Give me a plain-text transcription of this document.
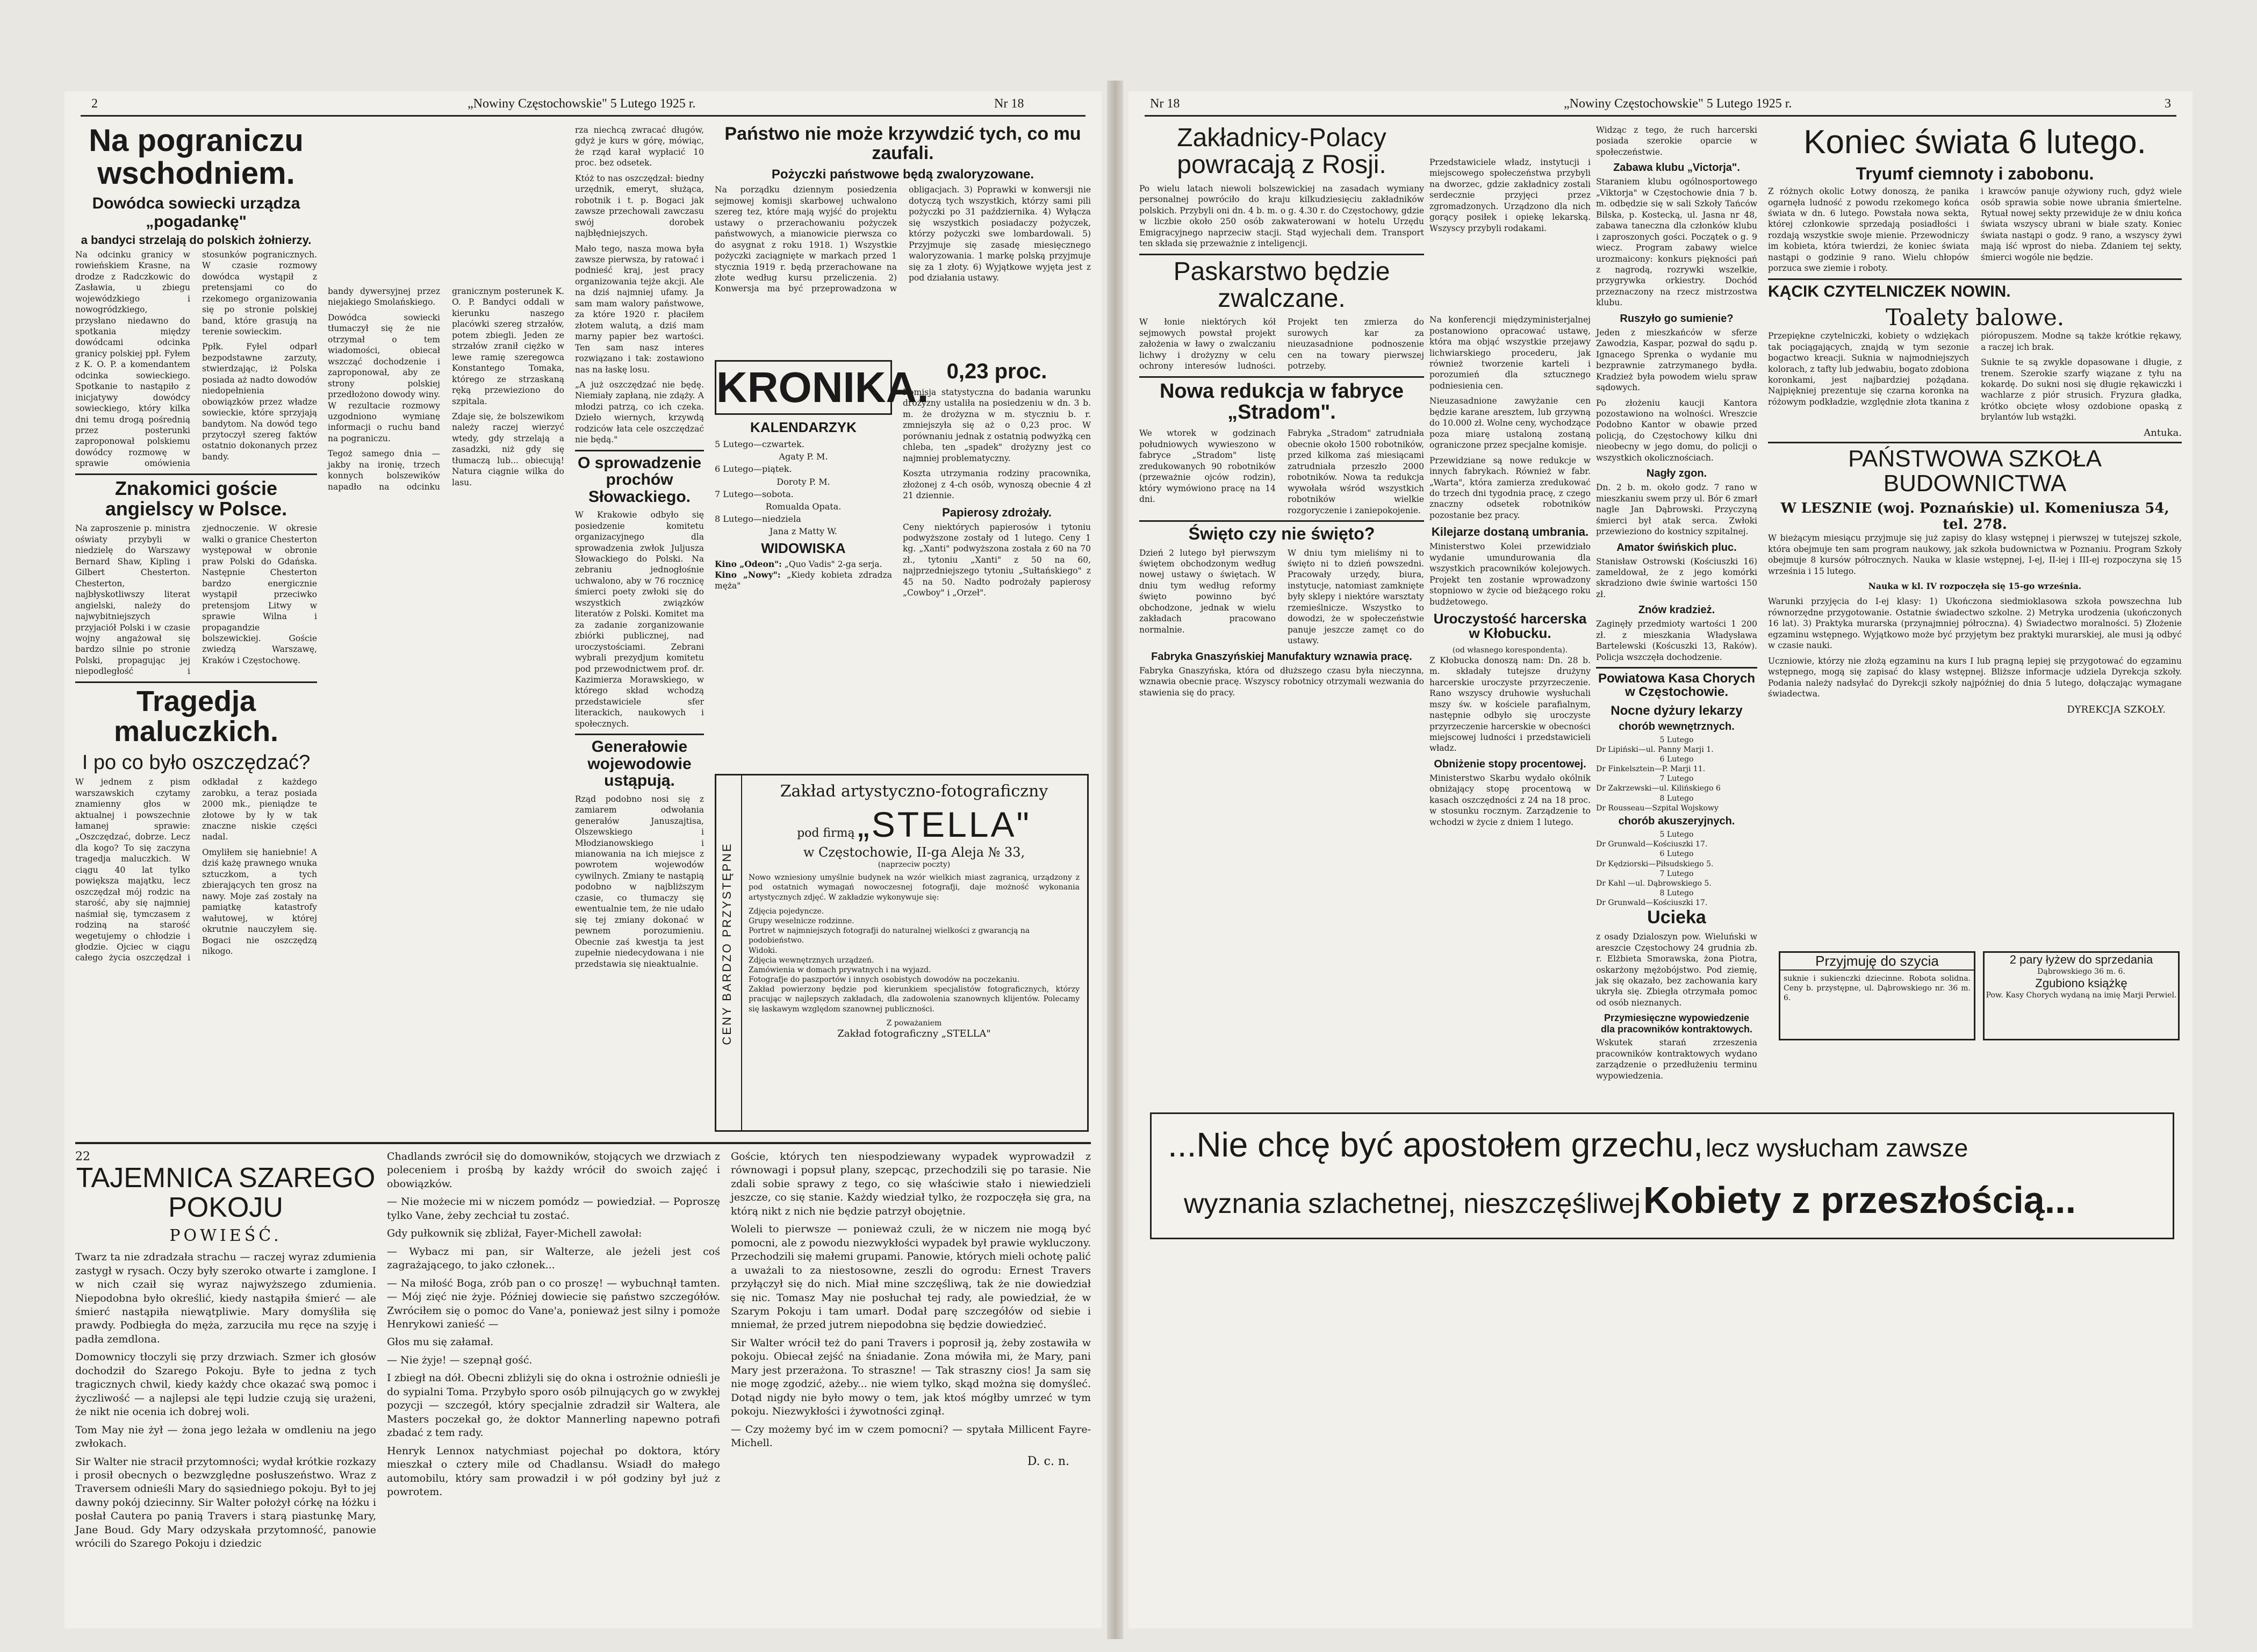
2	„Nowiny Częstochowskie" 5 Lutego 1925 r.	Nr 18
Na pograniczu wschodniem.
Dowódca sowiecki urządza „pogadankę"
a bandyci strzelają do polskich żołnierzy.

Na odcinku granicy w rowieńskiem Krasne, na drodze z Radczkowic do Zasławia, u zbiegu wojewódzkiego i nowogródzkiego, przysłano niedawno do spotkania między dowódcami odcinka granicy polskiej ppł. Fyłem z K. O. P. a komendantem odcinka sowieckiego. Spotkanie to nastąpiło z inicjatywy dowódcy sowieckiego, który kilka dni temu drogą pośrednią przez posterunki zaproponował polskiemu dowódcy rozmowę w sprawie omówienia stosunków pogranicznych. W czasie rozmowy dowódca wystąpił z pretensjami co do rzekomego organizowania się po stronie polskiej band, które grasują na terenie sowieckim.

Ppłk. Fyłel odparł bezpodstawne zarzuty, stwierdzając, iż Polska posiada aż nadto dowodów niedopełnienia obowiązków przez władze sowieckie, które sprzyjają bandytom. Na dowód tego przytoczył szereg faktów ostatnio dokonanych przez bandy.

Znakomici goście angielscy w Polsce.

Na zaproszenie p. ministra oświaty przybyli w niedzielę do Warszawy Bernard Shaw, Kipling i Gilbert Chesterton. Chesterton, najbłyskotliwszy literat angielski, należy do najwybitniejszych przyjaciół Polski i w czasie wojny angażował się bardzo silnie po stronie Polski, propagując jej niepodległość i zjednoczenie. W okresie walki o granice Chesterton występował w obronie praw Polski do Gdańska. Następnie Chesterton bardzo energicznie wystąpił przeciwko pretensjom Litwy w sprawie Wilna i propagandzie bolszewickiej. Goście zwiedzą Warszawę, Kraków i Częstochowę.

Tragedja maluczkich.
I po co było oszczędzać?

W jednem z pism warszawskich czytamy znamienny głos w aktualnej i powszechnie łamanej sprawie: „Oszczędzać, dobrze. Lecz dla kogo? To się zaczyna tragedja maluczkich. W ciągu 40 lat tylko powiększa majątku, lecz oszczędzał mój rodzic na starość, aby się najmniej naśmiał się, tymczasem z rodziną na starość wegetujemy o chłodzie i głodzie. Ojciec w ciągu całego życia oszczędzał i odkładał z każdego zarobku, a teraz posiada 2000 mk., pieniądze te złotowe by ły w tak znaczne niskie części nadal.

Omyliłem się haniebnie! A dziś każę prawnego wnuka sztuczkom, a tych zbierających ten grosz na nawy. Moje zaś zostały na pamiątkę katastrofy wałutowej, w której okrutnie nauczyłem się. Bogaci nie oszczędzą nikogo.

bandy dywersyjnej przez niejakiego Smolańskiego.

Dowódca sowiecki tłumaczył się że nie otrzymał o tem wiadomości, obiecał wszcząć dochodzenie i zaproponował, aby ze strony polskiej przedłożono dowody winy. W rezultacie rozmowy uzgodniono wymianę informacji o ruchu band na pograniczu.

Tegoż samego dnia — jakby na ironię, trzech konnych bolszewików napadło na odcinku granicznym posterunek K. O. P. Bandyci oddali w kierunku naszego placówki szereg strzałów, potem zbiegli. Jeden ze strzałów zranił ciężko w lewe ramię szeregowca Konstantego Tomaka, którego ze strzaskaną ręką przewieziono do szpitala.

Zdaje się, że bolszewikom należy raczej wierzyć wtedy, gdy strzelają a zasadzki, niż gdy się tłumaczą lub... obiecują! Natura ciągnie wilka do lasu.

rza niechcą zwracać długów, gdyż je kurs w górę, mówiąc, że rząd karał wypłacić 10 proc. bez odsetek.

Któż to nas oszczędzał: biedny urzędnik, emeryt, służąca, robotnik i t. p. Bogaci jak zawsze przechowali zawczasu swój dorobek najbłędniejszych.

Mało tego, nasza mowa była zawsze pierwsza, by ratować i podnieść kraj, jest pracy organizowania tejże akcji. Ale na dziś najmniej ufamy. Ja sam mam walory państwowe, za które 1920 r. płaciłem złotem walutą, a dziś mam marny papier bez wartości. Ten sam nasz interes rozwiązano i tak: zostawiono nas na łaskę losu.

„A już oszczędzać nie będę. Niemiały zapłaną, nie zdąży. A młodzi patrzą, co ich czeka. Dzieło wiernych, krzywdą rodziców łata cele oszczędzać nie będą."

O sprowadzenie prochów Słowackiego.

W Krakowie odbyło się posiedzenie komitetu organizacyjnego dla sprowadzenia zwłok Juljusza Słowackiego do Polski. Na zebraniu jednogłośnie uchwalono, aby w 76 rocznicę śmierci poety zwłoki się do wszystkich związków literatów z Polski. Komitet ma za zadanie zorganizowanie zbiórki publicznej, nad uroczystościami. Zebrani wybrali prezydjum komitetu pod przewodnictwem prof. dr. Kazimierza Morawskiego, w którego skład wchodzą przedstawiciele sfer literackich, naukowych i społecznych.

Generałowie wojewodowie ustąpują.

Rząd podobno nosi się z zamiarem odwołania generałów Januszajtisa, Olszewskiego i Młodzianowskiego i mianowania na ich miejsce z powrotem wojewodów cywilnych. Zmiany te nastąpią podobno w najbliższym czasie, co tłumaczy się ewentualnie tem, że nie udało się tej zmiany dokonać w pewnem porozumieniu. Obecnie zaś kwestja ta jest zupełnie niedecydowana i nie przedstawia się nieaktualnie.

Państwo nie może krzywdzić tych, co mu zaufali.
Pożyczki państwowe będą zwaloryzowane.

Na porządku dziennym posiedzenia sejmowej komisji skarbowej uchwalono szereg tez, które mają wyjść do projektu ustawy o przerachowaniu pożyczek państwowych, a mianowicie pierwsza co do asygnat z roku 1918. 1) Wszystkie pożyczki zaciągnięte w markach przed 1 stycznia 1919 r. będą przerachowane na złote według kursu przeliczenia. 2) Konwersja ma być przeprowadzona w obligacjach. 3) Poprawki w konwersji nie dotyczą tych wszystkich, którzy sami pili pożyczki po 31 października. 4) Wyłącza się wszystkich posiadaczy pożyczek, którzy pożyczki swe lombardowali. 5) Przyjmuje się zasadę miesięcznego waloryzowania. 1 markę polską przyjmuje się za 1 złoty. 6) Wyjątkowe wyjęta jest z pod działania ustawy.

KRONIKA.
KALENDARZYK
5 Lutego—czwartek.
Agaty P. M.
6 Lutego—piątek.
Doroty P. M.
7 Lutego—sobota.
Romualda Opata.
8 Lutego—niedziela
Jana z Matty W.
WIDOWISKA
Kino „Odeon": „Quo Vadis" 2-ga serja.
Kino „Nowy": „Kiedy kobieta zdradza męża"
0,23 proc.

Komisja statystyczna do badania warunku drożyzny ustaliła na posiedzeniu w dn. 3 b. m. że drożyzna w m. styczniu b. r. zmniejszyła się aż o 0,23 proc. W porównaniu jednak z ostatnią podwyżką cen chleba, ten „spadek" drożyzny jest co najmniej problematyczny.

Koszta utrzymania rodziny pracownika, złożonej z 4-ch osób, wynoszą obecnie 4 zł 21 dziennie.

Papierosy zdrożały.

Ceny niektórych papierosów i tytoniu podwyższone zostały od 1 lutego. Ceny 1 kg. „Xanti" podwyższona została z 60 na 70 zł., tytoniu „Xanti" z 50 na 60, najprzedniejszego tytoniu „Sułtańskiego" z 45 na 50. Nadto podrożały papierosy „Cowboy" i „Orzeł".

CENY BARDZO PRZYSTĘPNE
Zakład artystyczno-fotograficzny
pod firmą „STELLA"
w Częstochowie, II-ga Aleja № 33,
(naprzeciw poczty)

Nowo wzniesiony umyślnie budynek na wzór wielkich miast zagranicą, urządzony z pod ostatnich wymagań nowoczesnej fotografji, daje możność wykonania artystycznych zdjęć. W zakładzie wykonywuje się:

Zdjęcia pojedyncze.
Grupy weselnicze rodzinne.
Portret w najmniejszych fotografji do naturalnej wielkości z gwarancją na podobieństwo.
Widoki.
Zdjęcia wewnętrznych urządzeń.
Zamówienia w domach prywatnych i na wyjazd.
Fotografje do paszportów i innych osobistych dowodów na poczekaniu.

Zakład powierzony będzie pod kierunkiem specjalistów fotograficznych, którzy pracując w najlepszych zakładach, dla zadowolenia szanownych klijentów. Polecamy się łaskawym względom szanownej publiczności.

Z poważaniem
Zakład fotograficzny „STELLA"
22
TAJEMNICA SZAREGO POKOJU
POWIEŚĆ.

Twarz ta nie zdradzała strachu — raczej wyraz zdumienia zastygł w rysach. Oczy były szeroko otwarte i zamglone. I w nich czaił się wyraz najwyższego zdumienia. Niepodobna było określić, kiedy nastąpiła śmierć — ale śmierć nastąpiła niewątpliwie. Mary domyśliła się prawdy. Podbiegła do męża, zarzuciła mu ręce na szyję i padła zemdlona.

Domownicy tłoczyli się przy drzwiach. Szmer ich głosów dochodził do Szarego Pokoju. Byłe to jedna z tych tragicznych chwil, kiedy każdy chce okazać swą pomoc i życzliwość — a najlepsi ale tępi ludzie czują się urażeni, że nikt nie ocenia ich dobrej woli.

Tom May nie żył — żona jego leżała w omdleniu na jego zwłokach.

Sir Walter nie stracił przytomności; wydał krótkie rozkazy i prosił obecnych o bezwzględne posłuszeństwo. Wraz z Traversem odnieśli Mary do sąsiedniego pokoju. Był to jej dawny pokój dziecinny. Sir Walter położył córkę na łóżku i posłał Cautera po panią Travers i starą piastunkę Mary, Jane Boud. Gdy Mary odzyskała przytomność, panowie wrócili do Szarego Pokoju i dziedzic

Chadlands zwrócił się do domowników, stojących we drzwiach z poleceniem i prośbą by każdy wrócił do swoich zajęć i obowiązków.

— Nie możecie mi w niczem pomódz — powiedział. — Poproszę tylko Vane, żeby zechciał tu zostać.

Gdy pułkownik się zbliżał, Fayer-Michell zawołał:

— Wybacz mi pan, sir Walterze, ale jeżeli jest coś zagrażającego, to jako członek...

— Na miłość Boga, zrób pan o co proszę! — wybuchnął tamten. — Mój zięć nie żyje. Później dowiecie się państwo szczegółów. Zwróciłem się o pomoc do Vane'a, ponieważ jest silny i pomoże Henrykowi zanieść —

Głos mu się załamał.

— Nie żyje! — szepnął gość.

I zbiegł na dół. Obecni zbliżyli się do okna i ostrożnie odnieśli je do sypialni Toma. Przybyło sporo osób pilnujących go w zwykłej pozycji — szczegół, który specjalnie zdradził sir Waltera, ale Masters poczekał go, że doktor Mannerling napewno potrafi zbadać z tem rady.

Henryk Lennox natychmiast pojechał po doktora, który mieszkał o cztery mile od Chadlansu. Wsiadł do małego automobilu, który sam prowadził i w pół godziny był już z powrotem.

Goście, których ten niespodziewany wypadek wyprowadził z równowagi i popsuł plany, szepcąc, przechodzili się po tarasie. Nie zdali sobie sprawy z tego, co się właściwie stało i niewiedzieli jeszcze, co się stanie. Każdy wiedział tylko, że rozpoczęła się gra, na którą nikt z nich nie będzie patrzył obojętnie.

Woleli to pierwsze — ponieważ czuli, że w niczem nie mogą być pomocni, ale z powodu niezwykłości wypadek był prawie wykluczony. Przechodzili się małemi grupami. Panowie, których mieli ochotę palić a uważali to za niestosowne, zeszli do ogrodu: Ernest Travers przyłączył się do nich. Miał mine szczęśliwą, tak że nie dowiedział się nic. Tomasz May nie posłuchał tej rady, ale powiedział, że w Szarym Pokoju i tam umarł. Dodał parę szczegółów od siebie i mniemał, że przed jutrem niepodobna się będzie dowiedzieć.

Sir Walter wrócił też do pani Travers i poprosił ją, żeby zostawiła w pokoju. Obiecał zejść na śniadanie. Zona mówiła mi, że Mary, pani Mary jest przerażona. To straszne! — Tak straszny cios! Ja sam się nie mogę zgodzić, ażeby... nie wiem tylko, skąd można się domyśleć. Dotąd nigdy nie było mowy o tem, jak ktoś mógłby umrzeć w tym pokoju. Niezwykłości i żywotności zginął.

— Czy możemy być im w czem pomocni? — spytała Millicent Fayre-Michell.

D. c. n.
Nr 18	„Nowiny Częstochowskie" 5 Lutego 1925 r.	3
Zakładnicy-Polacy powracają z Rosji.

Po wielu latach niewoli bolszewickiej na zasadach wymiany personalnej powróciło do kraju kilkudziesięciu zakładników polskich. Przybyli oni dn. 4 b. m. o g. 4.30 r. do Częstochowy, gdzie w liczbie około 250 osób zakwaterowani w hotelu Urzędu Emigracyjnego naprzeciw stacji. Stąd wyjechali dem. Transport ten składa się przeważnie z inteligencji.

Paskarstwo będzie zwalczane.

W łonie niektórych kół sejmowych powstał projekt założenia w ławy o zwalczaniu lichwy i drożyzny w celu ochrony interesów ludności. Projekt ten zmierza do surowych kar za nieuzasadnione podnoszenie cen na towary pierwszej potrzeby.

Nowa redukcja w fabryce „Stradom".

We wtorek w godzinach południowych wywieszono w fabryce „Stradom" listę zredukowanych 90 robotników (przeważnie ojców rodzin), który wymówiono pracę na 14 dni.

Fabryka „Stradom" zatrudniała obecnie około 1500 robotników, przed kilkoma zaś miesiącami zatrudniała przeszło 2000 robotników. Nowa ta redukcja wywołała wśród wszystkich robotników wielkie rozgoryczenie i zaniepokojenie.

Święto czy nie święto?

Dzień 2 lutego był pierwszym świętem obchodzonym według nowej ustawy o świętach. W dniu tym według reformy święto powinno być obchodzone, jednak w wielu zakładach pracowano normalnie.

W dniu tym mieliśmy ni to święto ni to dzień powszedni. Pracowały urzędy, biura, instytucje, natomiast zamknięte były sklepy i niektóre warsztaty rzemieślnicze. Wszystko to dowodzi, że w społeczeństwie panuje jeszcze zamęt co do ustawy.

Fabryka Gnaszyńskiej Manufaktury wznawia pracę.

Fabryka Gnaszyńska, która od dłuższego czasu była nieczynna, wznawia obecnie pracę. Wszyscy robotnicy otrzymali wezwania do stawienia się do pracy.

Przedstawiciele władz, instytucji i miejscowego społeczeństwa przybyli na dworzec, gdzie zakładnicy zostali serdecznie przyjęci przez zgromadzonych. Urządzono dla nich gorący posiłek i opiekę lekarską. Wszyscy przybyli rodakami.

Na konferencji międzyministerjalnej postanowiono opracować ustawę, która ma objąć wszystkie przejawy lichwiarskiego procederu, jak również tworzenie karteli i porozumień dla sztucznego podniesienia cen.

Nieuzasadnione zawyżanie cen będzie karane aresztem, lub grzywną do 10.000 zł. Wolne ceny, wychodzące poza miarę ustaloną zostaną ograniczone przez specjalne komisje.

Przewidziane są nowe redukcje w innych fabrykach. Również w fabr. „Warta", która zamierza zredukować do trzech dni tygodnia pracę, z czego znaczny odsetek robotników pozostanie bez pracy.

Kilejarze dostaną umbrania.

Ministerstwo Kolei przewidziało wydanie umundurowania dla wszystkich pracowników kolejowych. Projekt ten zostanie wprowadzony stopniowo w życie od bieżącego roku budżetowego.

Uroczystość harcerska w Kłobucku.
(od własnego korespondenta).

Z Kłobucka donoszą nam: Dn. 28 b. m. składały tutejsze drużyny harcerskie uroczyste przyrzeczenie. Rano wszyscy druhowie wysłuchali mszy św. w kościele parafialnym, następnie odbyło się uroczyste przyrzeczenie harcerskie w obecności miejscowej ludności i przedstawicieli władz.

Obniżenie stopy procentowej.

Ministerstwo Skarbu wydało okólnik obniżający stopę procentową w kasach oszczędności z 24 na 18 proc. w stosunku rocznym. Zarządzenie to wchodzi w życie z dniem 1 lutego.

Widząc z tego, że ruch harcerski posiada szerokie oparcie w społeczeństwie.

Zabawa klubu „Victorja".

Staraniem klubu ogólnosportowego „Viktorja" w Częstochowie dnia 7 b. m. odbędzie się w sali Szkoły Tańców Bilska, p. Kostecką, ul. Jasna nr 48, zabawa taneczna dla członków klubu i zaproszonych gości. Początek o g. 9 wiecz. Program zabawy wielce urozmaicony: konkurs piękności pań z nagrodą, rozrywki wszelkie, przygrywka orkiestry. Dochód przeznaczony na rzecz mistrzostwa klubu.

Ruszyło go sumienie?

Jeden z mieszkańców w sferze Zawodzia, Kaspar, pozwał do sądu p. Ignacego Sprenka o wydanie mu bezprawnie zatrzymanego bydła. Kradzież była powodem wielu spraw sądowych.

Po złożeniu kaucji Kantora pozostawiono na wolności. Wreszcie Podobno Kantor w obawie przed policją, do Częstochowy kilku dni nieobecny w jego domu, do policji o wszystkich okolicznościach.

Nagły zgon.

Dn. 2 b. m. około godz. 7 rano w mieszkaniu swem przy ul. Bór 6 zmarł nagle Jan Dąbrowski. Przyczyną śmierci był atak serca. Zwłoki przewieziono do kostnicy szpitalnej.

Amator świńskich pluc.

Stanisław Ostrowski (Kościuszki 16) zameldował, że z jego komórki skradziono dwie świnie wartości 150 zł.

Znów kradzież.

Zaginęły przedmioty wartości 1 200 zł. z mieszkania Władysława Bartelewski (Koścuszki 13, Raków). Policja wszczęła dochodzenie.

Powiatowa Kasa Chorych w Częstochowie.
Nocne dyżury lekarzy
chorób wewnętrznych.
5 Lutego
Dr Lipiński—ul. Panny Marji 1.
6 Lutego
Dr Finkelsztein—P. Marji 11.
7 Lutego
Dr Zakrzewski—ul. Kilińskiego 6
8 Lutego
Dr Rousseau—Szpital Wojskowy
chorób akuszeryjnych.
5 Lutego
Dr Grunwald—Kościuszki 17.
6 Lutego
Dr Kędziorski—Piłsudskiego 5.
7 Lutego
Dr Kahl —ul. Dąbrowskiego 5.
8 Lutego
Dr Grunwald—Kościuszki 17.
Ucieka

z osady Dzialoszyn pow. Wieluński w areszcie Częstochowy 24 grudnia zb. r. Elżbieta Smorawska, żona Piotra, oskarżony mężobójstwo. Pod ziemię, jak się okazało, bez zachowania kary ukryła się. Zbiegła otrzymała pomoc od osób nieznanych.

Przymiesięczne wypowiedzenie dla pracowników kontraktowych.

Wskutek starań zrzeszenia pracowników kontraktowych wydano zarządzenie o przedłużeniu terminu wypowiedzenia.

Koniec świata 6 lutego.
Tryumf ciemnoty i zabobonu.

Z różnych okolic Łotwy donoszą, że panika ogarnęła ludność z powodu rzekomego końca świata w dn. 6 lutego. Powstała nowa sekta, której członkowie sprzedają posiadłości i rozdają wszystkie swoje mienie. Przewodniczy im kobieta, która twierdzi, że koniec świata nastąpi o godzinie 9 rano. Wielu chłopów porzuca swe ziemie i roboty.

i krawców panuje ożywiony ruch, gdyż wiele osób sprawia sobie nowe ubrania śmiertelne. Rytuał nowej sekty przewiduje że w dniu końca świata wszyscy ubrani w białe szaty. Koniec świata nastąpi o godz. 9 rano, a wszyscy żywi mają iść wprost do nieba. Zdaniem tej sekty, śmierci wogóle nie będzie.

KĄCIK CZYTELNICZEK NOWIN.
Toalety balowe.

Przepiękne czytelniczki, kobiety o wdziękach tak pociągających, znajdą w tym sezonie bogactwo kreacji. Suknia w najmodniejszych kolorach, z tafty lub jedwabiu, bogato zdobiona koronkami, jest najbardziej pożądana. Najpiękniej prezentuje się czarna koronka na różowym podkładzie, względnie złota tkanina z pióropuszem. Modne są także krótkie rękawy, a raczej ich brak.

Suknie te są zwykle dopasowane i długie, z trenem. Szerokie szarfy wiązane z tyłu na kokardę. Do sukni nosi się długie rękawiczki i wachlarze z piór strusich. Fryzura gładka, krótko obcięte włosy ozdobione opaską z brylantów lub wstążki.

Antuka.
PAŃSTWOWA SZKOŁA BUDOWNICTWA
W LESZNIE (woj. Poznańskie) ul. Komeniusza 54, tel. 278.

W bieżącym miesiącu przyjmuje się już zapisy do klasy wstępnej i pierwszej w tutejszej szkole, która obejmuje ten sam program naukowy, jak szkoła budownictwa w Poznaniu. Program Szkoły obejmuje 8 kursów półrocznych. Nauka w klasie wstępnej, I-ej, II-iej i III-ej rozpoczyna się 15 września i 15 lutego.

Nauka w kl. IV rozpoczęła się 15-go września.

Warunki przyjęcia do I-ej klasy: 1) Ukończona siedmioklasowa szkoła powszechna lub równorzędne przygotowanie. Ostatnie świadectwo szkolne. 2) Metryka urodzenia (ukończonych 16 lat). 3) Praktyka murarska (przynajmniej półroczna). 4) Świadectwo moralności. 5) Złożenie egzaminu wstępnego. Wyjątkowo może być przyjętym bez praktyki murarskiej, ale musi ją odbyć w czasie nauki.

Uczniowie, którzy nie złożą egzaminu na kurs I lub pragną lepiej się przygotować do egzaminu wstępnego, mogą się zapisać do klasy wstępnej. Bliższe informacje udziela Dyrekcja szkoły. Podania należy nadsyłać do Dyrekcji szkoły najpóźniej do dnia 5 lutego, dołączając wymagane świadectwa.

DYREKCJA SZKOŁY.
Przyjmuję do szycia
suknie i sukienczki dziecinne. Robota solidna. Ceny b. przystępne, ul. Dąbrowskiego nr. 36 m. 6.
2 pary łyżew do sprzedania
Dąbrowskiego 36 m. 6.
Zgubiono książkę
Pow. Kasy Chorych wydaną na imię Marji Perwiel.
...Nie chcę być apostołem grzechu, lecz wysłucham zawsze
wyznania szlachetnej, nieszczęśliwej Kobiety z przeszłością...
